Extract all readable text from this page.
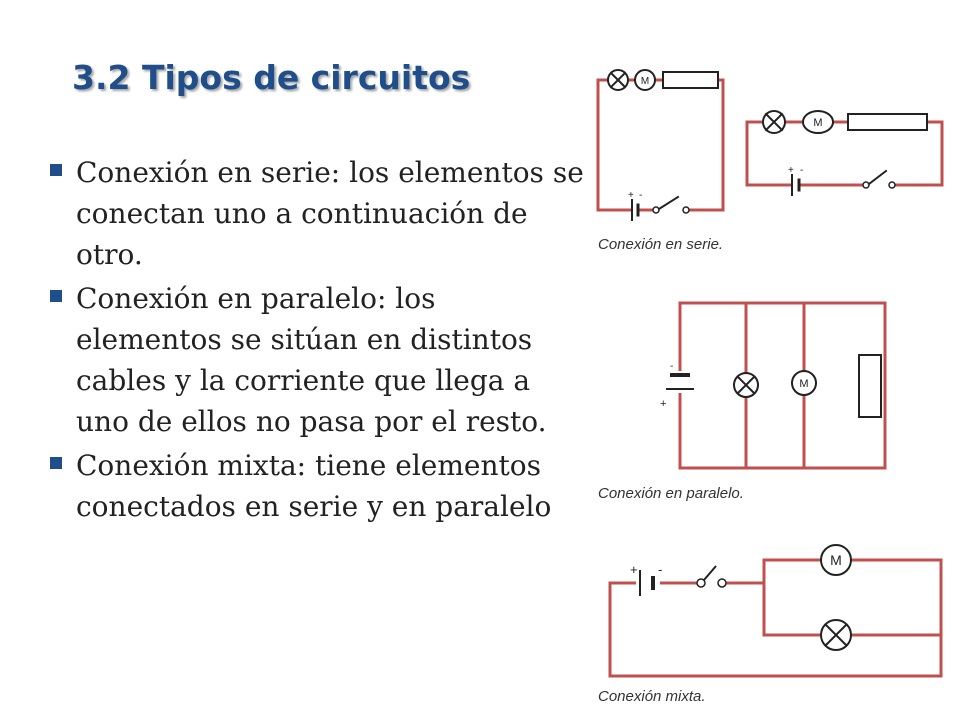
3.2 Tipos de circuitos
Conexión en serie: los elementos se conectan uno a continuación de otro.
Conexión en paralelo: los elementos se sitúan en distintos cables y la corriente que llega a uno de ellos no pasa por el resto.
Conexión mixta: tiene elementos conectados en serie y en paralelo
M
M
+ -
+ -
Conexión en serie.
M
+
-
Conexión en paralelo.
M
+ -
Conexión mixta.
